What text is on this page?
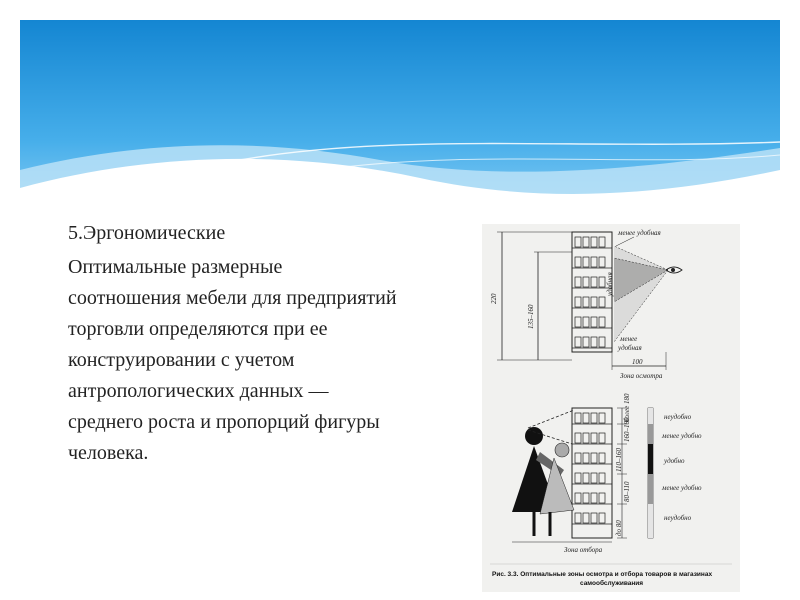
5.Эргономические

Оптимальные размерные соотношения мебели для предприятий торговли определяются при ее конструировании с учетом антропологических данных — среднего роста и пропорций фигуры человека.

220
135–160
менее удобная
удобная
менее
удобная
100
Зона осмотра
более 180
160–180
110–160
80–110
до 80
неудобно
менее удобно
удобно
менее удобно
неудобно
Зона отбора
Рис. 3.3. Оптимальные зоны осмотра и отбора товаров в магазинах
самообслуживания
